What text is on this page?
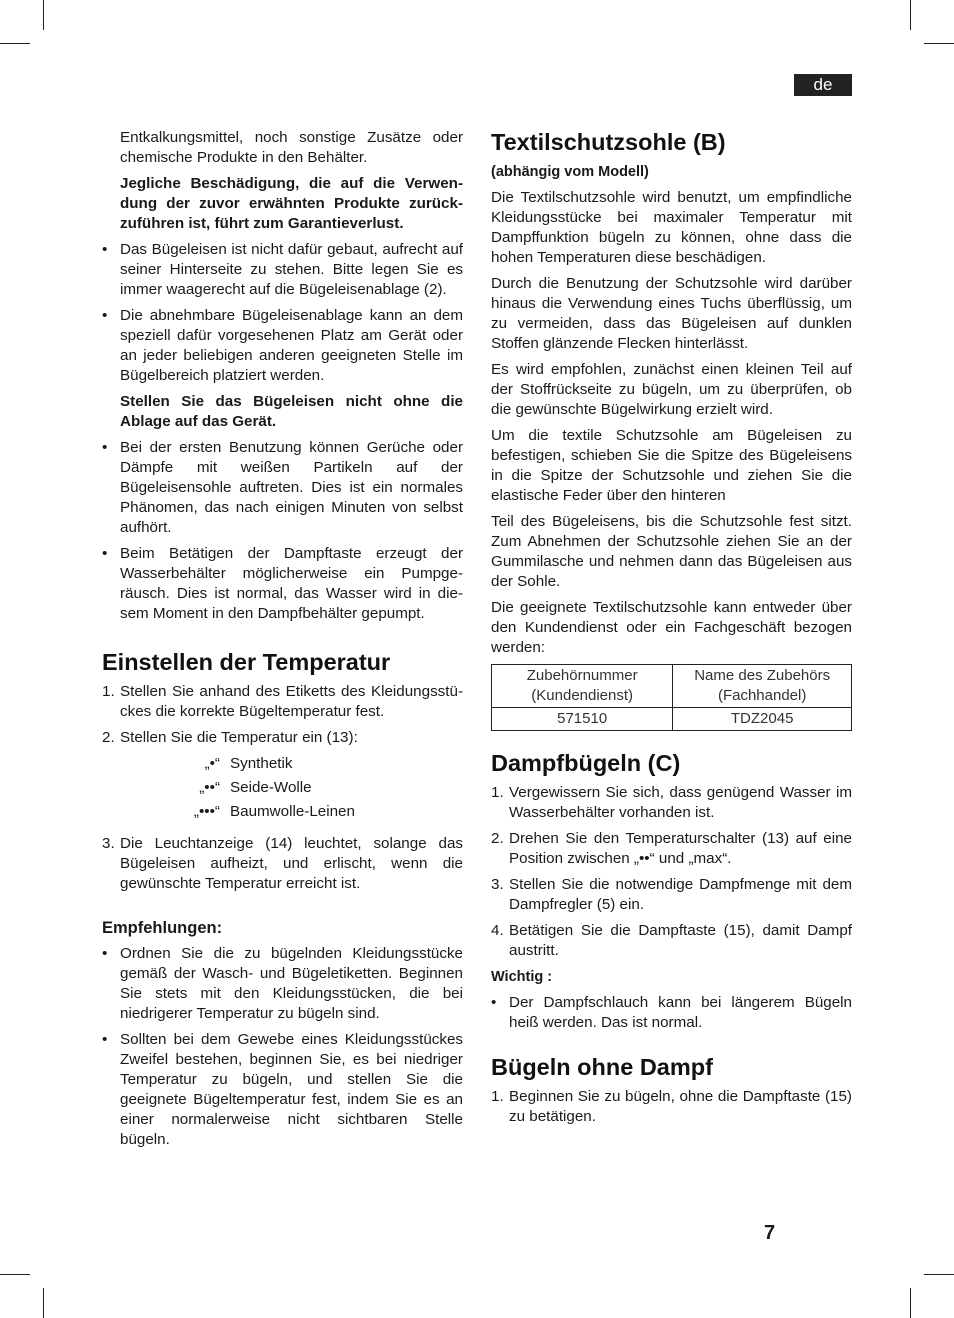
de

Entkalkungsmittel, noch sonstige Zusätze oder chemische Produkte in den Behälter.

Jegliche Beschädigung, die auf die Verwendung der zuvor erwähnten Produkte zurückzuführen ist, führt zum Garantieverlust.

• Das Bügeleisen ist nicht dafür gebaut, aufrecht auf seiner Hinterseite zu stehen. Bitte legen Sie es immer waagerecht auf die Bügeleisenablage (2).
• Die abnehmbare Bügeleisenablage kann an dem speziell dafür vorgesehenen Platz am Gerät oder an jeder beliebigen anderen geeigneten Stelle im Bügelbereich platziert werden.

Stellen Sie das Bügeleisen nicht ohne die Ablage auf das Gerät.

• Bei der ersten Benutzung können Gerüche oder Dämpfe mit weißen Partikeln auf der Bügeleisensohle auftreten. Dies ist ein normales Phänomen, das nach einigen Minuten von selbst aufhört.
• Beim Betätigen der Dampftaste erzeugt der Wasserbehälter möglicherweise ein Pumpgeräusch. Dies ist normal, das Wasser wird in diesem Moment in den Dampfbehälter gepumpt.
Einstellen der Temperatur
1. Stellen Sie anhand des Etiketts des Kleidungsstückes die korrekte Bügeltemperatur fest.
2. Stellen Sie die Temperatur ein (13):
„•“ Synthetik
„••“ Seide-Wolle
„•••“ Baumwolle-Leinen
3. Die Leuchtanzeige (14) leuchtet, solange das Bügeleisen aufheizt, und erlischt, wenn die gewünschte Temperatur erreicht ist.
Empfehlungen:
• Ordnen Sie die zu bügelnden Kleidungsstücke gemäß der Wasch- und Bügeletiketten. Beginnen Sie stets mit den Kleidungsstücken, die bei niedrigerer Temperatur zu bügeln sind.
• Sollten bei dem Gewebe eines Kleidungsstückes Zweifel bestehen, beginnen Sie, es bei niedriger Temperatur zu bügeln, und stellen Sie die geeignete Bügeltemperatur fest, indem Sie es an einer normalerweise nicht sichtbaren Stelle bügeln.
Textilschutzsohle (B)

(abhängig vom Modell)

Die Textilschutzsohle wird benutzt, um empfindliche Kleidungsstücke bei maximaler Temperatur mit Dampffunktion bügeln zu können, ohne dass die hohen Temperaturen diese beschädigen.

Durch die Benutzung der Schutzsohle wird darüber hinaus die Verwendung eines Tuchs überflüssig, um zu vermeiden, dass das Bügeleisen auf dunklen Stoffen glänzende Flecken hinterlässt.

Es wird empfohlen, zunächst einen kleinen Teil auf der Stoffrückseite zu bügeln, um zu überprüfen, ob die gewünschte Bügelwirkung erzielt wird.

Um die textile Schutzsohle am Bügeleisen zu befestigen, schieben Sie die Spitze des Bügeleisens in die Spitze der Schutzsohle und ziehen Sie die elastische Feder über den hinteren

Teil des Bügeleisens, bis die Schutzsohle fest sitzt. Zum Abnehmen der Schutzsohle ziehen Sie an der Gummilasche und nehmen dann das Bügeleisen aus der Sohle.

Die geeignete Textilschutzsohle kann entweder über den Kundendienst oder ein Fachgeschäft bezogen werden:

Zubehörnummer (Kundendienst)	Name des Zubehörs (Fachhandel)
571510	TDZ2045
Dampfbügeln (C)
1. Vergewissern Sie sich, dass genügend Wasser im Wasserbehälter vorhanden ist.
2. Drehen Sie den Temperaturschalter (13) auf eine Position zwischen „••“ und „max“.
3. Stellen Sie die notwendige Dampfmenge mit dem Dampfregler (5) ein.
4. Betätigen Sie die Dampftaste (15), damit Dampf austritt.

Wichtig :

• Der Dampfschlauch kann bei längerem Bügeln heiß werden. Das ist normal.
Bügeln ohne Dampf
1. Beginnen Sie zu bügeln, ohne die Dampftaste (15) zu betätigen.
7
